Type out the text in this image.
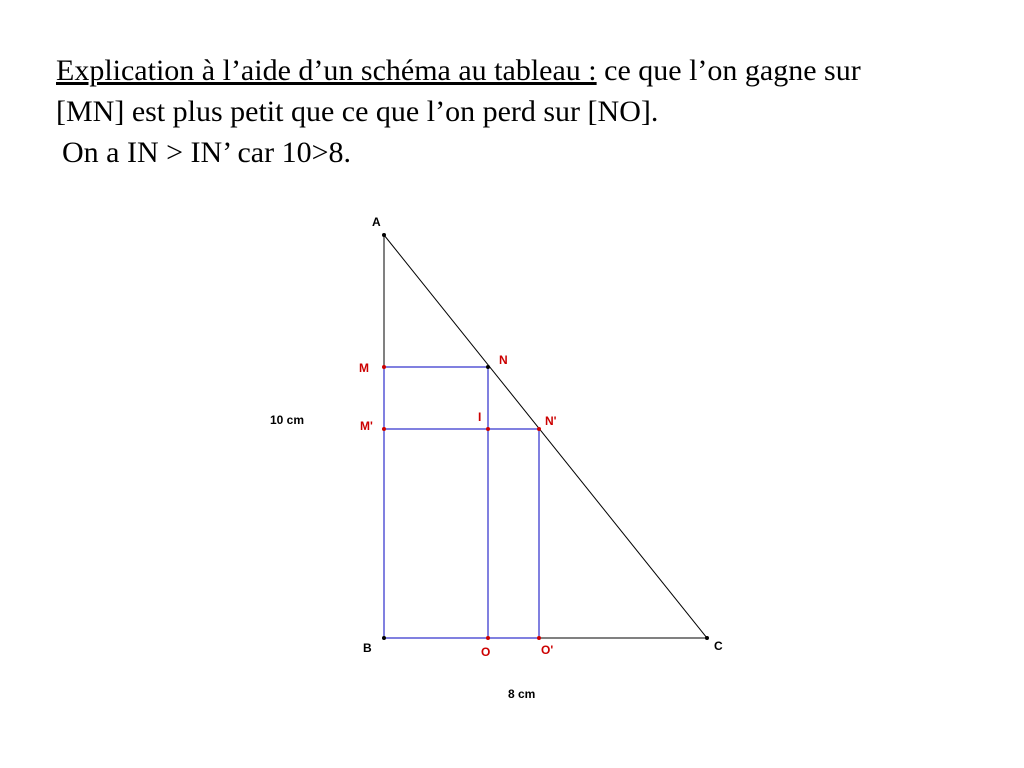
Explication à l’aide d’un schéma au tableau : ce que l’on gagne sur
[MN] est plus petit que ce que l’on perd sur [NO].
On a IN > IN’ car 10>8.
A
B	C
M
N
I
M'	N'
O	O'
10 cm
8 cm
